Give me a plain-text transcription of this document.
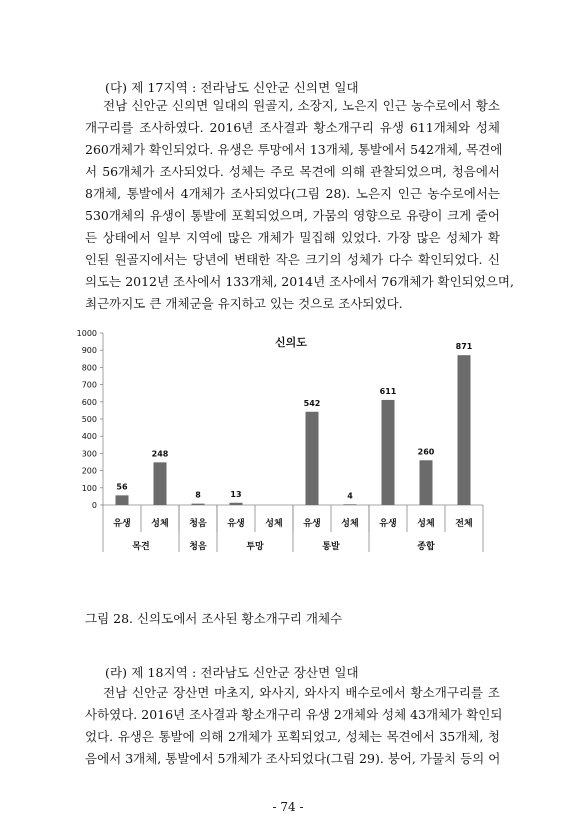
(다) 제 17지역 : 전라남도 신안군 신의면 일대
전남 신안군 신의면 일대의 원골지, 소장지, 노은지 인근 농수로에서 황소
개구리를 조사하였다. 2016년 조사결과 황소개구리 유생 611개체와 성체
260개체가 확인되었다. 유생은 투망에서 13개체, 통발에서 542개체, 목견에
서 56개체가 조사되었다. 성체는 주로 목견에 의해 관찰되었으며, 청음에서
8개체, 통발에서 4개체가 조사되었다(그림 28). 노은지 인근 농수로에서는
530개체의 유생이 통발에 포획되었으며, 가뭄의 영향으로 유량이 크게 줄어
든 상태에서 일부 지역에 많은 개체가 밀집해 있었다. 가장 많은 성체가 확
인된 원골지에서는 당년에 변태한 작은 크기의 성체가 다수 확인되었다. 신
의도는 2012년 조사에서 133개체, 2014년 조사에서 76개체가 확인되었으며,
최근까지도 큰 개체군을 유지하고 있는 것으로 조사되었다.
0
100
200
300
400
500
600
700
800
900
1000
신의도
56
유생
248
성체
8
청음
13
유생 성체
542
유생
4
성체
611
유생
260
성체
871
전체
목견	청음	투망	통발	종합
그림 28. 신의도에서 조사된 황소개구리 개체수
(라) 제 18지역 : 전라남도 신안군 장산면 일대
전남 신안군 장산면 마초지, 와사지, 와사지 배수로에서 황소개구리를 조
사하였다. 2016년 조사결과 황소개구리 유생 2개체와 성체 43개체가 확인되
었다. 유생은 통발에 의해 2개체가 포획되었고, 성체는 목견에서 35개체, 청
음에서 3개체, 통발에서 5개체가 조사되었다(그림 29). 붕어, 가물치 등의 어
- 74 -
